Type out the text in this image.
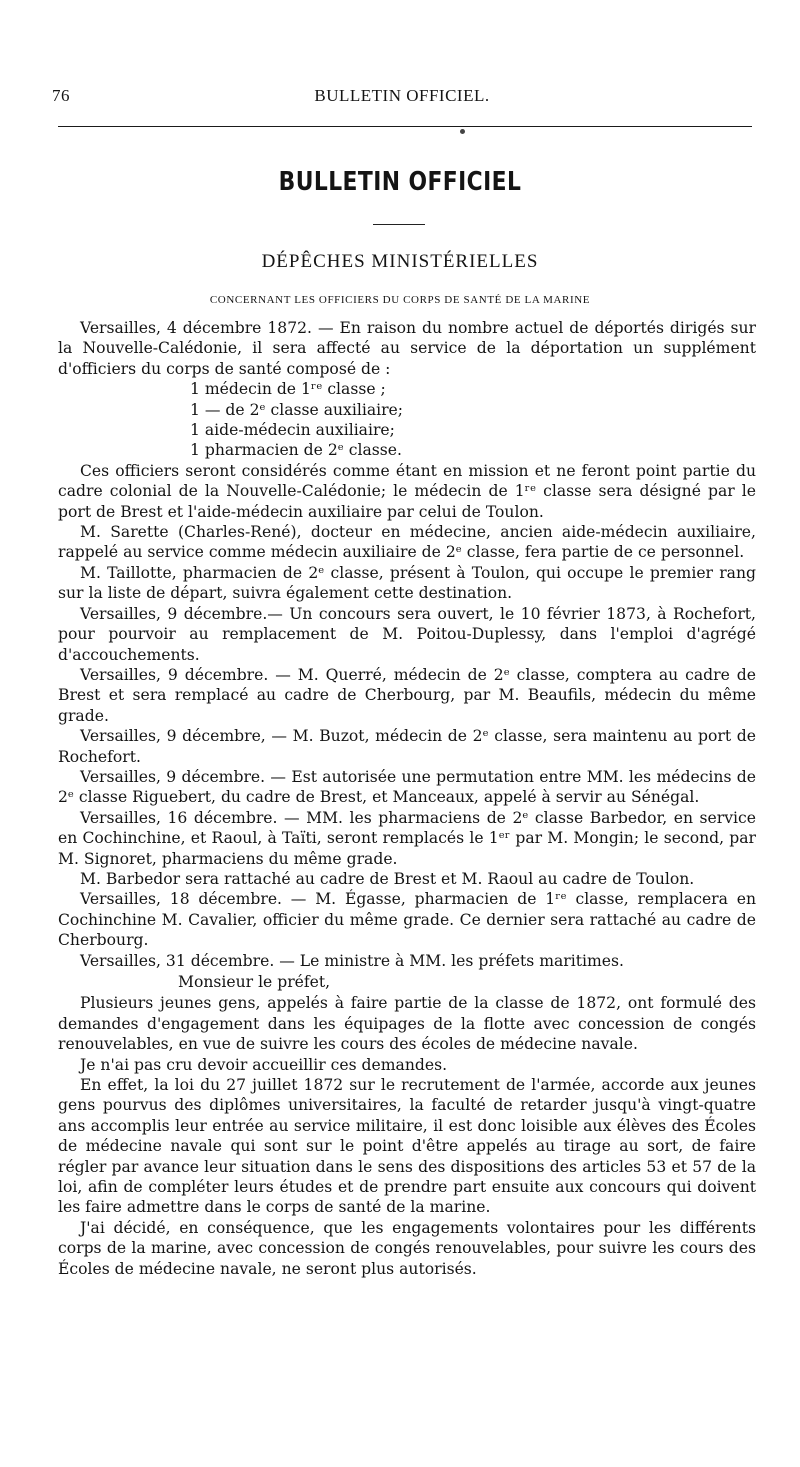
76	BULLETIN OFFICIEL.
BULLETIN OFFICIEL
DÉPÊCHES MINISTÉRIELLES
CONCERNANT LES OFFICIERS DU CORPS DE SANTÉ DE LA MARINE

Versailles, 4 décembre 1872. — En raison du nombre actuel de déportés dirigés sur la Nouvelle-Calédonie, il sera affecté au service de la déportation un supplément d'officiers du corps de santé composé de :

1 médecin de 1ʳᵉ classe ;
1 — de 2ᵉ classe auxiliaire;
1 aide-médecin auxiliaire;
1 pharmacien de 2ᵉ classe.

Ces officiers seront considérés comme étant en mission et ne feront point partie du cadre colonial de la Nouvelle-Calédonie; le médecin de 1ʳᵉ classe sera désigné par le port de Brest et l'aide-médecin auxiliaire par celui de Toulon.

M. Sarette (Charles-René), docteur en médecine, ancien aide-médecin auxiliaire, rappelé au service comme médecin auxiliaire de 2ᵉ classe, fera partie de ce personnel.

M. Taillotte, pharmacien de 2ᵉ classe, présent à Toulon, qui occupe le premier rang sur la liste de départ, suivra également cette destination.

Versailles, 9 décembre.— Un concours sera ouvert, le 10 février 1873, à Rochefort, pour pourvoir au remplacement de M. Poitou-Duplessy, dans l'emploi d'agrégé d'accouchements.

Versailles, 9 décembre. — M. Querré, médecin de 2ᵉ classe, comptera au cadre de Brest et sera remplacé au cadre de Cherbourg, par M. Beaufils, médecin du même grade.

Versailles, 9 décembre, — M. Buzot, médecin de 2ᵉ classe, sera maintenu au port de Rochefort.

Versailles, 9 décembre. — Est autorisée une permutation entre MM. les médecins de 2ᵉ classe Riguebert, du cadre de Brest, et Manceaux, appelé à servir au Sénégal.

Versailles, 16 décembre. — MM. les pharmaciens de 2ᵉ classe Barbedor, en service en Cochinchine, et Raoul, à Taïti, seront remplacés le 1ᵉʳ par M. Mongin; le second, par M. Signoret, pharmaciens du même grade.

M. Barbedor sera rattaché au cadre de Brest et M. Raoul au cadre de Toulon.

Versailles, 18 décembre. — M. Égasse, pharmacien de 1ʳᵉ classe, remplacera en Cochinchine M. Cavalier, officier du même grade. Ce dernier sera rattaché au cadre de Cherbourg.

Versailles, 31 décembre. — Le ministre à MM. les préfets maritimes.

Monsieur le préfet,

Plusieurs jeunes gens, appelés à faire partie de la classe de 1872, ont formulé des demandes d'engagement dans les équipages de la flotte avec concession de congés renouvelables, en vue de suivre les cours des écoles de médecine navale.

Je n'ai pas cru devoir accueillir ces demandes.

En effet, la loi du 27 juillet 1872 sur le recrutement de l'armée, accorde aux jeunes gens pourvus des diplômes universitaires, la faculté de retarder jusqu'à vingt-quatre ans accomplis leur entrée au service militaire, il est donc loisible aux élèves des Écoles de médecine navale qui sont sur le point d'être appelés au tirage au sort, de faire régler par avance leur situation dans le sens des dispositions des articles 53 et 57 de la loi, afin de compléter leurs études et de prendre part ensuite aux concours qui doivent les faire admettre dans le corps de santé de la marine.

J'ai décidé, en conséquence, que les engagements volontaires pour les différents corps de la marine, avec concession de congés renouvelables, pour suivre les cours des Écoles de médecine navale, ne seront plus autorisés.
